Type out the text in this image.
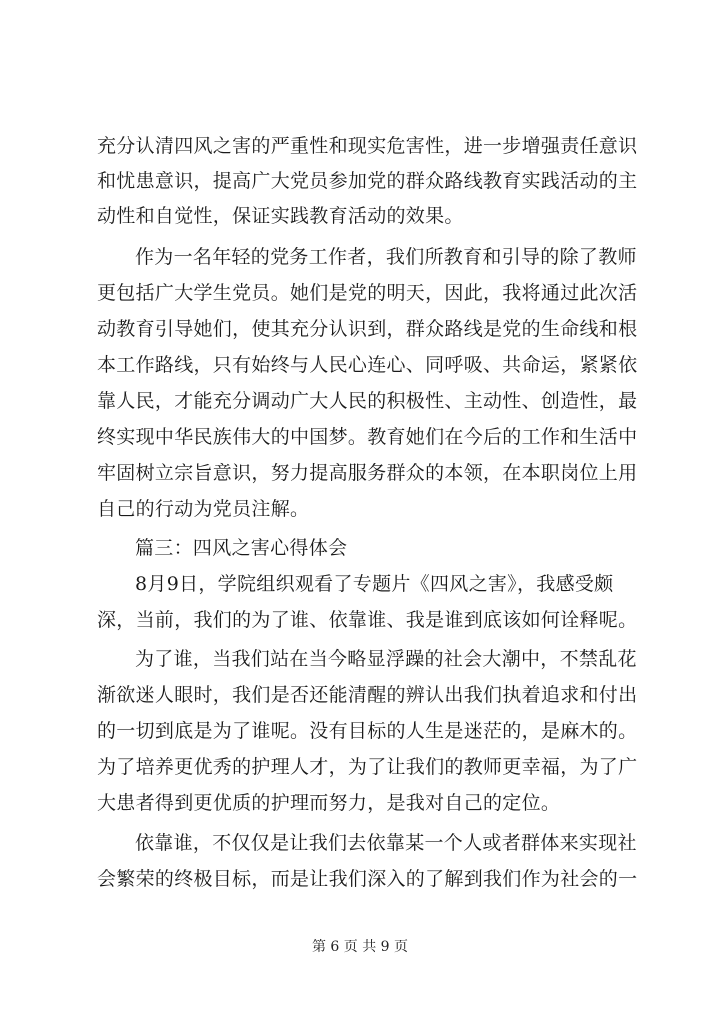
充分认清四风之害的严重性和现实危害性，进一步增强责任意识
和忧患意识，提高广大党员参加党的群众路线教育实践活动的主
动性和自觉性，保证实践教育活动的效果。
作为一名年轻的党务工作者，我们所教育和引导的除了教师
更包括广大学生党员。她们是党的明天，因此，我将通过此次活
动教育引导她们，使其充分认识到，群众路线是党的生命线和根
本工作路线，只有始终与人民心连心、同呼吸、共命运，紧紧依
靠人民，才能充分调动广大人民的积极性、主动性、创造性，最
终实现中华民族伟大的中国梦。教育她们在今后的工作和生活中
牢固树立宗旨意识，努力提高服务群众的本领，在本职岗位上用
自己的行动为党员注解。
篇三：四风之害心得体会
8月9日，学院组织观看了专题片《四风之害》，我感受颇
深，当前，我们的为了谁、依靠谁、我是谁到底该如何诠释呢。
为了谁，当我们站在当今略显浮躁的社会大潮中，不禁乱花
渐欲迷人眼时，我们是否还能清醒的辨认出我们执着追求和付出
的一切到底是为了谁呢。没有目标的人生是迷茫的，是麻木的。
为了培养更优秀的护理人才，为了让我们的教师更幸福，为了广
大患者得到更优质的护理而努力，是我对自己的定位。
依靠谁，不仅仅是让我们去依靠某一个人或者群体来实现社
会繁荣的终极目标，而是让我们深入的了解到我们作为社会的一
第 6 页 共 9 页
